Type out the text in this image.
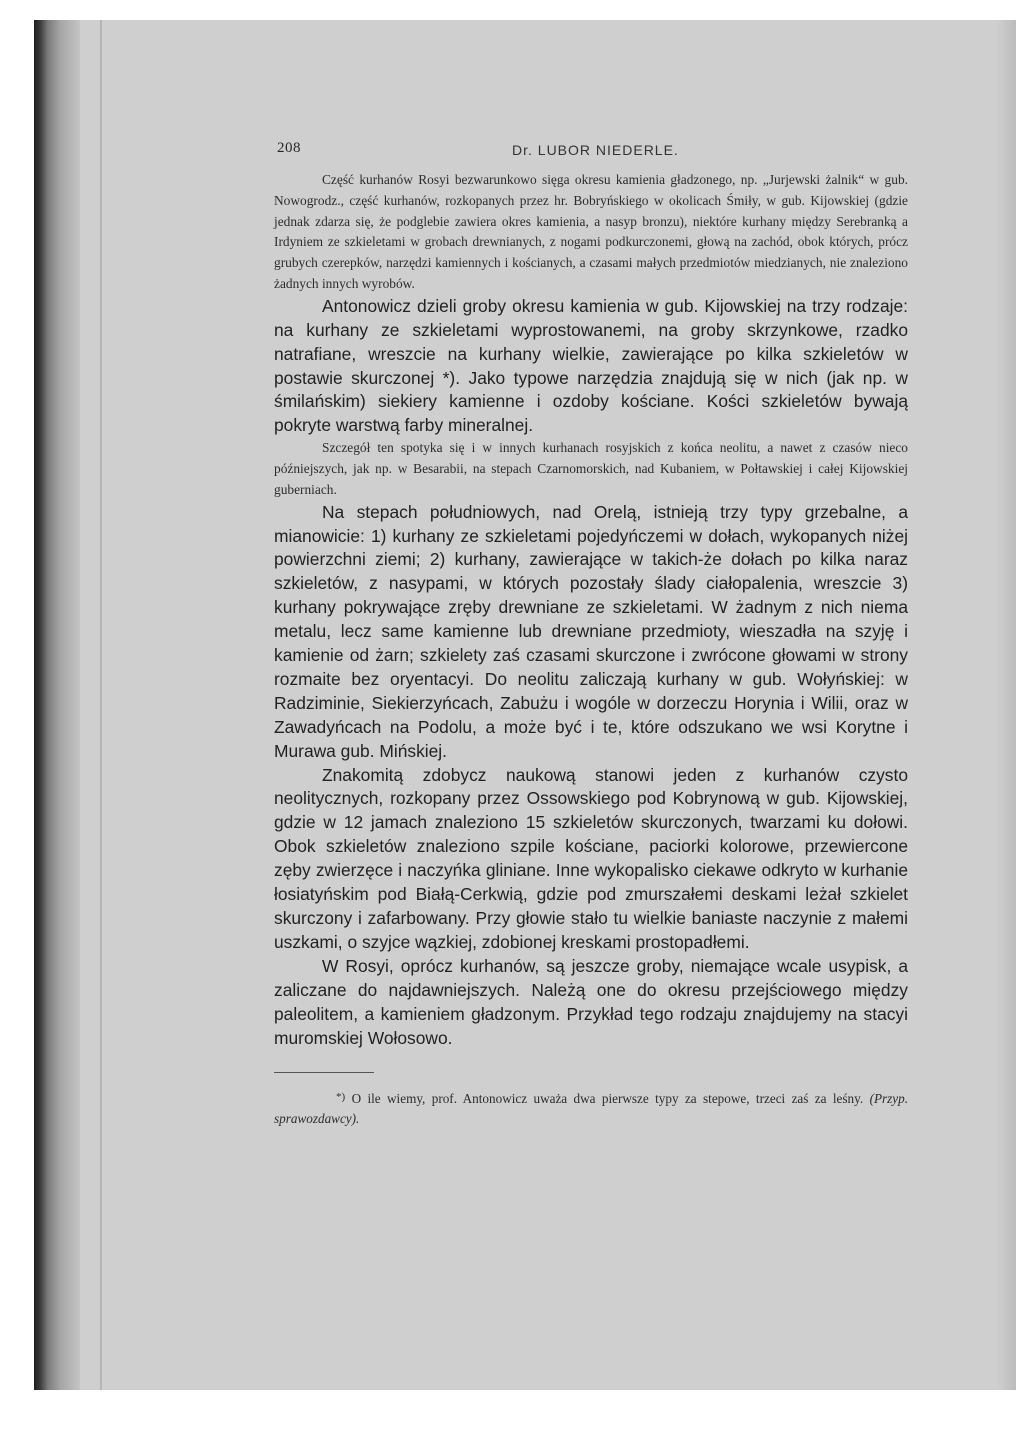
208	Dr. LUBOR NIEDERLE.

Część kurhanów Rosyi bezwarunkowo sięga okresu kamienia gładzonego, np. „Jurjewski żalnik“ w gub. Nowogrodz., część kurhanów, rozkopanych przez hr. Bobryńskiego w okolicach Śmiły, w gub. Kijowskiej (gdzie jednak zdarza się, że podglebie zawiera okres kamienia, a nasyp bronzu), niektóre kurhany między Serebranką a Irdyniem ze szkieletami w grobach drewnianych, z nogami podkurczonemi, głową na zachód, obok których, prócz grubych czerepków, narzędzi kamiennych i kościanych, a czasami małych przedmiotów miedzianych, nie znaleziono żadnych innych wyrobów.

Antonowicz dzieli groby okresu kamienia w gub. Kijowskiej na trzy rodzaje: na kurhany ze szkieletami wyprostowanemi, na groby skrzynkowe, rzadko natrafiane, wreszcie na kurhany wielkie, zawierające po kilka szkieletów w postawie skurczonej *). Jako typowe narzędzia znajdują się w nich (jak np. w śmilańskim) siekiery kamienne i ozdoby kościane. Kości szkieletów bywają pokryte warstwą farby mineralnej.

Szczegół ten spotyka się i w innych kurhanach rosyjskich z końca neolitu, a nawet z czasów nieco późniejszych, jak np. w Besarabii, na stepach Czarnomorskich, nad Kubaniem, w Połtawskiej i całej Kijowskiej guberniach.

Na stepach południowych, nad Orelą, istnieją trzy typy grzebalne, a mianowicie: 1) kurhany ze szkieletami pojedyńczemi w dołach, wykopanych niżej powierzchni ziemi; 2) kurhany, zawierające w takich-że dołach po kilka naraz szkieletów, z nasypami, w których pozostały ślady ciałopalenia, wreszcie 3) kurhany pokrywające zręby drewniane ze szkieletami. W żadnym z nich niema metalu, lecz same kamienne lub drewniane przedmioty, wieszadła na szyję i kamienie od żarn; szkielety zaś czasami skurczone i zwrócone głowami w strony rozmaite bez oryentacyi. Do neolitu zaliczają kurhany w gub. Wołyńskiej: w Radziminie, Siekierzyńcach, Zabużu i wogóle w dorzeczu Horynia i Wilii, oraz w Zawadyńcach na Podolu, a może być i te, które odszukano we wsi Korytne i Murawa gub. Mińskiej.

Znakomitą zdobycz naukową stanowi jeden z kurhanów czysto neolitycznych, rozkopany przez Ossowskiego pod Kobrynową w gub. Kijowskiej, gdzie w 12 jamach znaleziono 15 szkieletów skurczonych, twarzami ku dołowi. Obok szkieletów znaleziono szpile kościane, paciorki kolorowe, przewiercone zęby zwierzęce i naczyńka gliniane. Inne wykopalisko ciekawe odkryto w kurhanie łosiatyńskim pod Białą-Cerkwią, gdzie pod zmurszałemi deskami leżał szkielet skurczony i zafarbowany. Przy głowie stało tu wielkie baniaste naczynie z małemi uszkami, o szyjce wązkiej, zdobionej kreskami prostopadłemi.

W Rosyi, oprócz kurhanów, są jeszcze groby, niemające wcale usypisk, a zaliczane do najdawniejszych. Należą one do okresu przejściowego między paleolitem, a kamieniem gładzonym. Przykład tego rodzaju znajdujemy na stacyi muromskiej Wołosowo.

*) O ile wiemy, prof. Antonowicz uważa dwa pierwsze typy za stepowe, trzeci zaś za leśny. (Przyp. sprawozdawcy).
